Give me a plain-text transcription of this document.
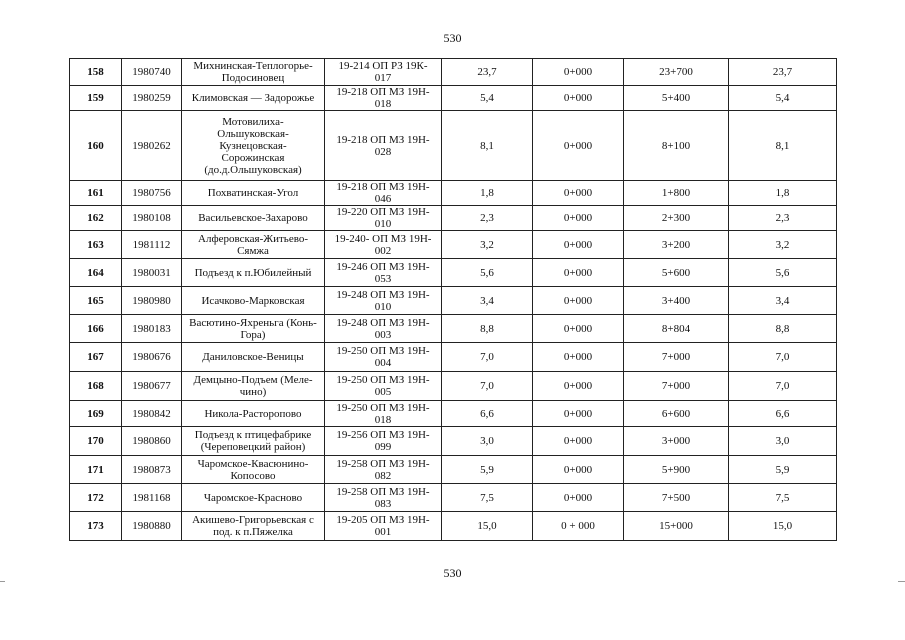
530
158	1980740	Михнинская-Теплогорье-
Подосиновец	19-214 ОП РЗ 19К-
017	23,7	0+000	23+700	23,7
159	1980259	Климовская — Задорожье	19-218 ОП МЗ 19Н-
018	5,4	0+000	5+400	5,4
160	1980262	Мотовилиха-
Ольшуковская-
Кузнецовская-
Сорожинская
(до.д.Ольшуковская)	19-218 ОП МЗ 19Н-
028	8,1	0+000	8+100	8,1
161	1980756	Похватинская-Угол	19-218 ОП МЗ 19Н-
046	1,8	0+000	1+800	1,8
162	1980108	Васильевское-Захарово	19-220 ОП МЗ 19Н-
010	2,3	0+000	2+300	2,3
163	1981112	Алферовская-Житьево-
Сямжа	19-240- ОП МЗ 19Н-
002	3,2	0+000	3+200	3,2
164	1980031	Подъезд к п.Юбилейный	19-246 ОП МЗ 19Н-
053	5,6	0+000	5+600	5,6
165	1980980	Исачково-Марковская	19-248 ОП МЗ 19Н-
010	3,4	0+000	3+400	3,4
166	1980183	Васютино-Яхреньга (Конь-
Гора)	19-248 ОП МЗ 19Н-
003	8,8	0+000	8+804	8,8
167	1980676	Даниловское-Веницы	19-250 ОП МЗ 19Н-
004	7,0	0+000	7+000	7,0
168	1980677	Демцыно-Подъем (Меле-
чино)	19-250 ОП МЗ 19Н-
005	7,0	0+000	7+000	7,0
169	1980842	Никола-Расторопово	19-250 ОП МЗ 19Н-
018	6,6	0+000	6+600	6,6
170	1980860	Подъезд к птицефабрике
(Череповецкий район)	19-256 ОП МЗ 19Н-
099	3,0	0+000	3+000	3,0
171	1980873	Чаромское-Квасюнино-
Копосово	19-258 ОП МЗ 19Н-
082	5,9	0+000	5+900	5,9
172	1981168	Чаромское-Красново	19-258 ОП МЗ 19Н-
083	7,5	0+000	7+500	7,5
173	1980880	Акишево-Григорьевская с
под. к п.Пяжелка	19-205 ОП МЗ 19Н-
001	15,0	0 + 000	15+000	15,0
530
